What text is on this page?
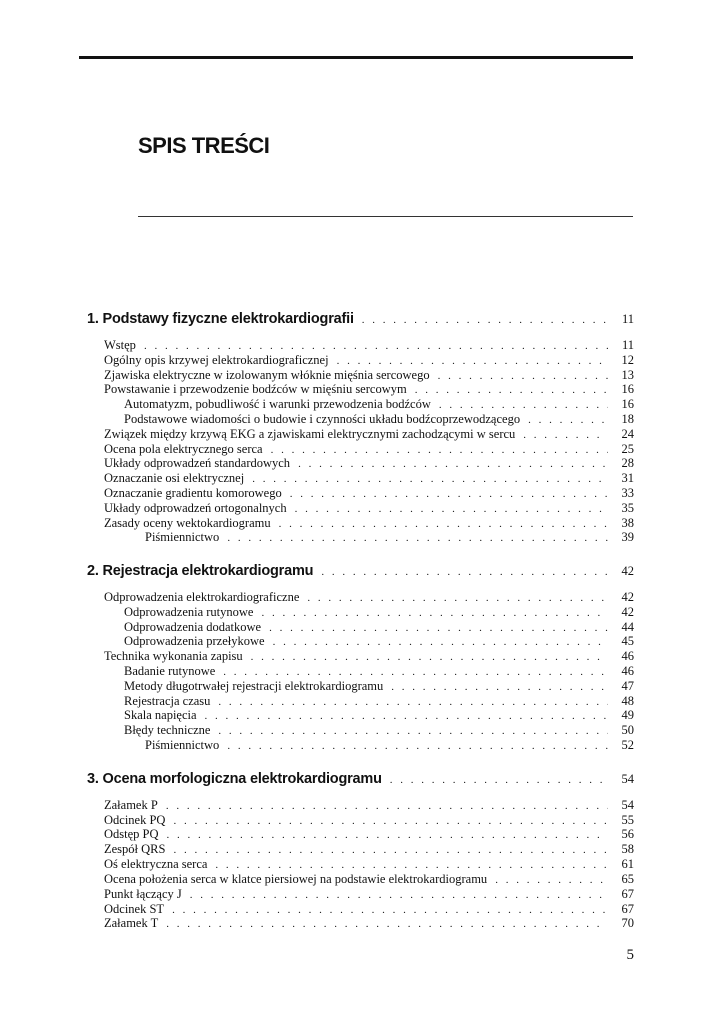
SPIS TREŚCI
1. Podstawy fizyczne elektrokardiografii . . .	11
Wstęp . . .	11
Ogólny opis krzywej elektrokardiograficznej . . .	12
Zjawiska elektryczne w izolowanym włóknie mięśnia sercowego . . .	13
Powstawanie i przewodzenie bodźców w mięśniu sercowym . . .	16
Automatyzm, pobudliwość i warunki przewodzenia bodźców . . .	16
Podstawowe wiadomości o budowie i czynności układu bodźcoprzewodzącego . . .	18
Związek między krzywą EKG a zjawiskami elektrycznymi zachodzącymi w sercu . . .	24
Ocena pola elektrycznego serca . . .	25
Układy odprowadzeń standardowych . . .	28
Oznaczanie osi elektrycznej . . .	31
Oznaczanie gradientu komorowego . . .	33
Układy odprowadzeń ortogonalnych . . .	35
Zasady oceny wektokardiogramu . . .	38
Piśmiennictwo . . .	39
2. Rejestracja elektrokardiogramu . . .	42
Odprowadzenia elektrokardiograficzne . . .	42
Odprowadzenia rutynowe . . .	42
Odprowadzenia dodatkowe . . .	44
Odprowadzenia przełykowe . . .	45
Technika wykonania zapisu . . .	46
Badanie rutynowe . . .	46
Metody długotrwałej rejestracji elektrokardiogramu . . .	47
Rejestracja czasu . . .	48
Skala napięcia . . .	49
Błędy techniczne . . .	50
Piśmiennictwo . . .	52
3. Ocena morfologiczna elektrokardiogramu . . .	54
Załamek P . . .	54
Odcinek PQ . . .	55
Odstęp PQ . . .	56
Zespół QRS . . .	58
Oś elektryczna serca . . .	61
Ocena położenia serca w klatce piersiowej na podstawie elektrokardiogramu . . .	65
Punkt łączący J . . .	67
Odcinek ST . . .	67
Załamek T . . .	70
5
